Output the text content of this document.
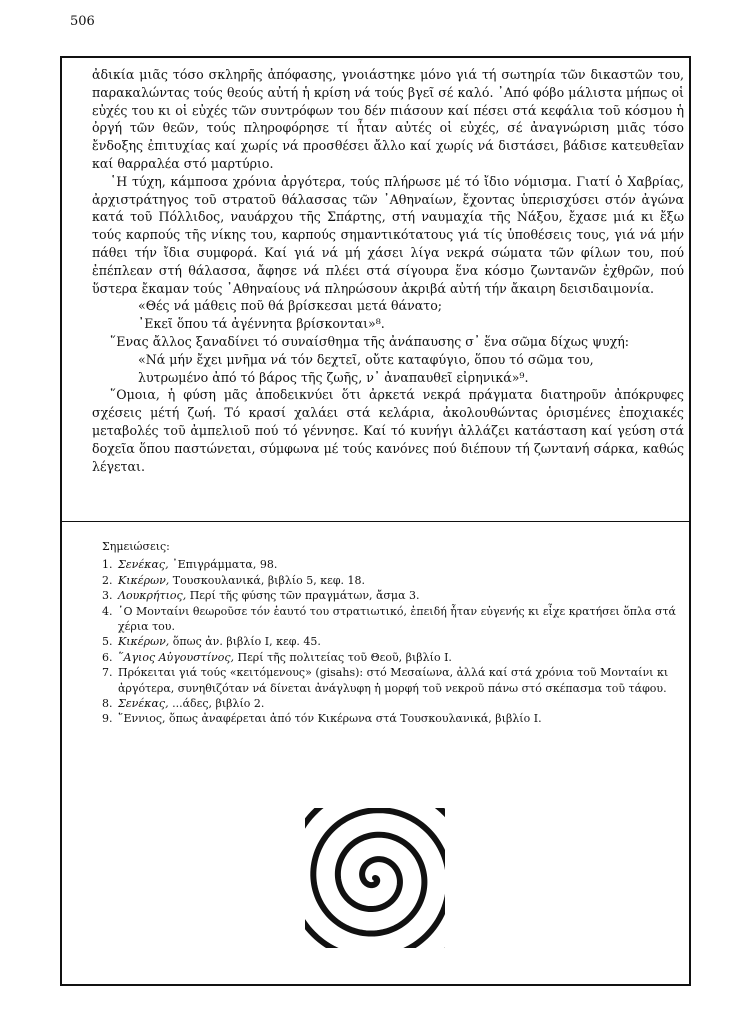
506

ἀδικία μιᾶς τόσο σκληρῆς ἀπόφασης, γνοιάστηκε μόνο γιά τή σωτηρία τῶν δικαστῶν του, παρακαλώντας τούς θεούς αὐτή ἡ κρίση νά τούς βγεῖ σέ καλό. ᾽Από φόβο μάλιστα μήπως οἱ εὐχές του κι οἱ εὐχές τῶν συντρόφων του δέν πιάσουν καί πέσει στά κεφάλια τοῦ κόσμου ἡ ὀργή τῶν θεῶν, τούς πληροφόρησε τί ἦταν αὐτές οἱ εὐχές, σέ ἀναγνώριση μιᾶς τόσο ἔνδοξης ἐπιτυχίας καί χωρίς νά προσθέσει ἄλλο καί χωρίς νά διστάσει, βάδισε κατευθεῖαν καί θαρραλέα στό μαρτύριο.

῾Η τύχη, κάμποσα χρόνια ἀργότερα, τούς πλήρωσε μέ τό ἴδιο νόμισμα. Γιατί ὁ Χαβρίας, ἀρχιστράτηγος τοῦ στρατοῦ θάλασσας τῶν ᾽Αθηναίων, ἔχοντας ὑπερισχύσει στόν ἀγώνα κατά τοῦ Πόλλιδος, ναυάρχου τῆς Σπάρτης, στή ναυμαχία τῆς Νάξου, ἔχασε μιά κι ἔξω τούς καρπούς τῆς νίκης του, καρπούς σημαντικότατους γιά τίς ὑποθέσεις τους, γιά νά μήν πάθει τήν ἴδια συμφορά. Καί γιά νά μή χάσει λίγα νεκρά σώματα τῶν φίλων του, πού ἐπέπλεαν στή θάλασσα, ἄφησε νά πλέει στά σίγουρα ἕνα κόσμο ζωντανῶν ἐχθρῶν, πού ὕστερα ἔκαμαν τούς ᾽Αθηναίους νά πληρώσουν ἀκριβά αὐτή τήν ἄκαιρη δεισιδαιμονία.

«Θές νά μάθεις ποῦ θά βρίσκεσαι μετά θάνατο;

᾽Εκεῖ ὅπου τά ἀγέννητα βρίσκονται»⁸.

῞Ενας ἄλλος ξαναδίνει τό συναίσθημα τῆς ἀνάπαυσης σ᾽ ἕνα σῶμα δίχως ψυχή:

«Νά μήν ἔχει μνῆμα νά τόν δεχτεῖ, οὔτε καταφύγιο, ὅπου τό σῶμα του,

λυτρωμένο ἀπό τό βάρος τῆς ζωῆς, ν᾽ ἀναπαυθεῖ εἰρηνικά»⁹.

῞Ομοια, ἡ φύση μᾶς ἀποδεικνύει ὅτι ἀρκετά νεκρά πράγματα διατηροῦν ἀπόκρυφες σχέσεις μέτή ζωή. Τό κρασί χαλάει στά κελάρια, ἀκολουθώντας ὁρισμένες ἐποχιακές μεταβολές τοῦ ἀμπελιοῦ πού τό γέννησε. Καί τό κυνήγι ἀλλάζει κατάσταση καί γεύση στά δοχεῖα ὅπου παστώνεται, σύμφωνα μέ τούς κανόνες πού διέπουν τή ζωντανή σάρκα, καθώς λέγεται.

Σημειώσεις:
1. Σενέκας, ᾽Επιγράμματα, 98.
2. Κικέρων, Τουσκουλανικά, βιβλίο 5, κεφ. 18.
3. Λουκρήτιος, Περί τῆς φύσης τῶν πραγμάτων, ἄσμα 3.
4. ῾Ο Μονταίνι θεωροῦσε τόν ἑαυτό του στρατιωτικό, ἐπειδή ἦταν εὐγενής κι εἶχε κρατήσει ὅπλα στά χέρια του.
5. Κικέρων, ὅπως ἀν. βιβλίο Ι, κεφ. 45.
6. ῞Αγιος Αὐγουστίνος, Περί τῆς πολιτείας τοῦ Θεοῦ, βιβλίο Ι.
7. Πρόκειται γιά τούς «κειτόμενους» (gisahs): στό Μεσαίωνα, ἀλλά καί στά χρόνια τοῦ Μονταίνι κι ἀργότερα, συνηθιζόταν νά δίνεται ἀνάγλυφη ἡ μορφή τοῦ νεκροῦ πάνω στό σκέπασμα τοῦ τάφου.
8. Σενέκας, ...άδες, βιβλίο 2.
9. ῞Εννιος, ὅπως ἀναφέρεται ἀπό τόν Κικέρωνα στά Τουσκουλανικά, βιβλίο Ι.
